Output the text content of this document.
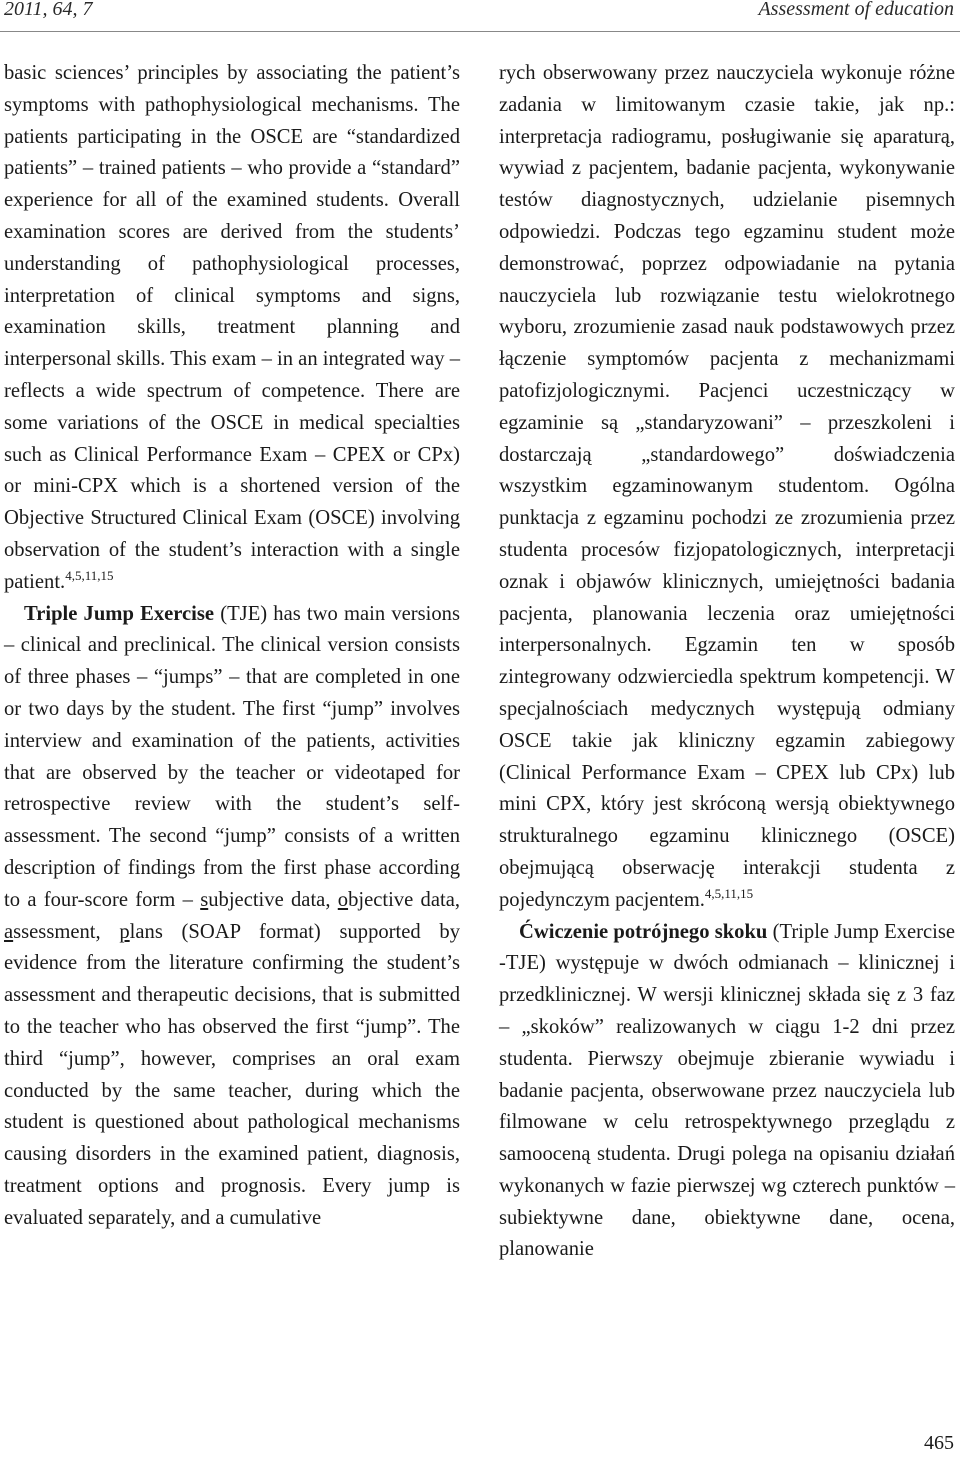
2011, 64, 7	Assessment of education

basic sciences’ principles by associating the patient’s symptoms with pathophysiological mechanisms. The patients participating in the OSCE are “standardized patients” – trained patients – who provide a “standard” experience for all of the examined students. Overall examination scores are derived from the students’ understanding of pathophysiological processes, interpretation of clinical symptoms and signs, examination skills, treatment planning and interpersonal skills. This exam – in an integrated way – reflects a wide spectrum of competence. There are some variations of the OSCE in medical specialties such as Clinical Performance Exam – CPEX or CPx) or mini-CPX which is a shortened version of the Objective Structured Clinical Exam (OSCE) involving observation of the student’s interaction with a single patient.$^{4,5,11,15}$

Triple Jump Exercise (TJE) has two main versions – clinical and preclinical. The clinical version consists of three phases – “jumps” – that are completed in one or two days by the student. The first “jump” involves interview and examination of the patients, activities that are observed by the teacher or videotaped for retrospective review with the student’s self-assessment. The second “jump” consists of a written description of findings from the first phase according to a four-score form – subjective data, objective data, assessment, plans (SOAP format) supported by evidence from the literature confirming the student’s assessment and therapeutic decisions, that is submitted to the teacher who has observed the first “jump”. The third “jump”, however, comprises an oral exam conducted by the same teacher, during which the student is questioned about pathological mechanisms causing disorders in the examined patient, diagnosis, treatment options and prognosis. Every jump is evaluated separately, and a cumulative

rych obserwowany przez nauczyciela wykonuje różne zadania w limitowanym czasie takie, jak np.: interpretacja radiogramu, posługiwanie się aparaturą, wywiad z pacjentem, badanie pacjenta, wykonywanie testów diagnostycznych, udzielanie pisemnych odpowiedzi. Podczas tego egzaminu student może demonstrować, poprzez odpowiadanie na pytania nauczyciela lub rozwiązanie testu wielokrotnego wyboru, zrozumienie zasad nauk podstawowych przez łączenie symptomów pacjenta z mechanizmami patofizjologicznymi. Pacjenci uczestniczący w egzaminie są „standaryzowani” – przeszkoleni i dostarczają „standardowego” doświadczenia wszystkim egzaminowanym studentom. Ogólna punktacja z egzaminu pochodzi ze zrozumienia przez studenta procesów fizjopatologicznych, interpretacji oznak i objawów klinicznych, umiejętności badania pacjenta, planowania leczenia oraz umiejętności interpersonalnych. Egzamin ten w sposób zintegrowany odzwierciedla spektrum kompetencji. W specjalnościach medycznych występują odmiany OSCE takie jak kliniczny egzamin zabiegowy (Clinical Performance Exam – CPEX lub CPx) lub mini CPX, który jest skróconą wersją obiektywnego strukturalnego egzaminu klinicznego (OSCE) obejmującą obserwację interakcji studenta z pojedynczym pacjentem.$^{4,5,11,15}$

Ćwiczenie potrójnego skoku (Triple Jump Exercise -TJE) występuje w dwóch odmianach – klinicznej i przedklinicznej. W wersji klinicznej składa się z 3 faz – „skoków” realizowanych w ciągu 1-2 dni przez studenta. Pierwszy obejmuje zbieranie wywiadu i badanie pacjenta, obserwowane przez nauczyciela lub filmowane w celu retrospektywnego przeglądu z samooceną studenta. Drugi polega na opisaniu działań wykonanych w fazie pierwszej wg czterech punktów – subiektywne dane, obiektywne dane, ocena, planowanie

465
